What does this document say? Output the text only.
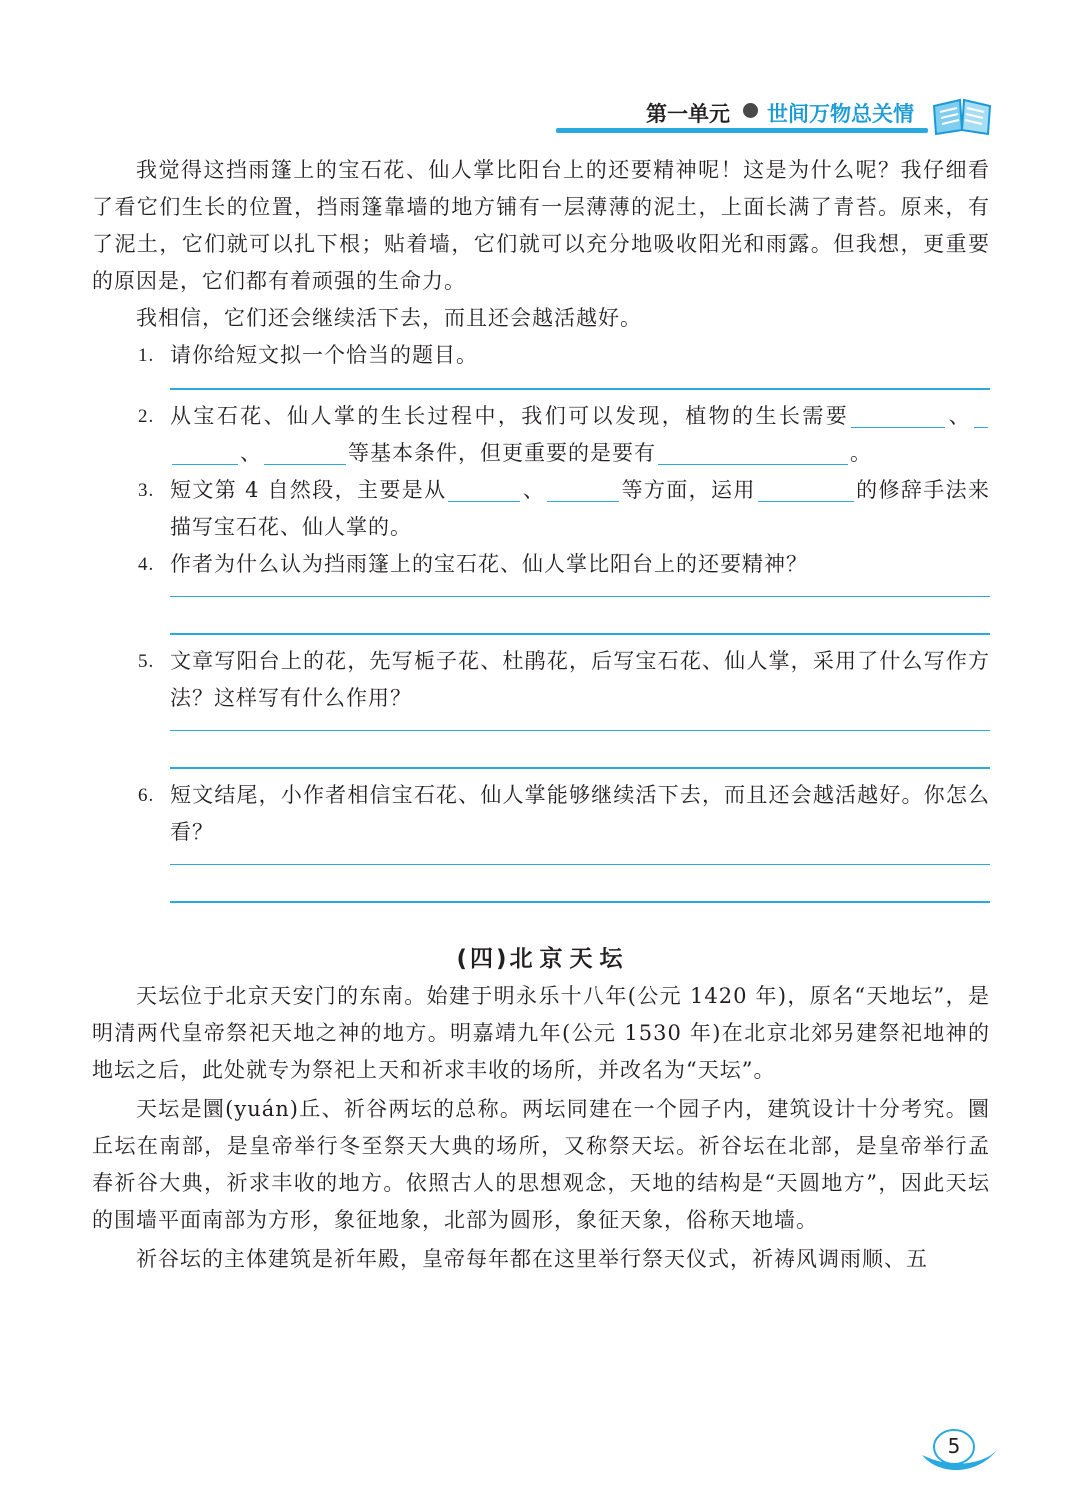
第一单元 世间万物总关情

我觉得这挡雨篷上的宝石花、仙人掌比阳台上的还要精神呢！这是为什么呢？我仔细看了看它们生长的位置，挡雨篷靠墙的地方铺有一层薄薄的泥土，上面长满了青苔。原来，有了泥土，它们就可以扎下根；贴着墙，它们就可以充分地吸收阳光和雨露。但我想，更重要的原因是，它们都有着顽强的生命力。

我相信，它们还会继续活下去，而且还会越活越好。

1. 请你给短文拟一个恰当的题目。

2. 从宝石花、仙人掌的生长过程中，我们可以发现，植物的生长需要	、、	等基本条件，但更重要的是要有	。

3. 短文第 4 自然段，主要是从	、	等方面，运用	的修辞手法来描写宝石花、仙人掌的。

4. 作者为什么认为挡雨篷上的宝石花、仙人掌比阳台上的还要精神？

5. 文章写阳台上的花，先写栀子花、杜鹃花，后写宝石花、仙人掌，采用了什么写作方法？这样写有什么作用？

6. 短文结尾，小作者相信宝石花、仙人掌能够继续活下去，而且还会越活越好。你怎么看？

(四)北京天坛

天坛位于北京天安门的东南。始建于明永乐十八年(公元 1420 年)，原名“天地坛”，是明清两代皇帝祭祀天地之神的地方。明嘉靖九年(公元 1530 年)在北京北郊另建祭祀地神的地坛之后，此处就专为祭祀上天和祈求丰收的场所，并改名为“天坛”。

天坛是圜(yuán)丘、祈谷两坛的总称。两坛同建在一个园子内，建筑设计十分考究。圜丘坛在南部，是皇帝举行冬至祭天大典的场所，又称祭天坛。祈谷坛在北部，是皇帝举行孟春祈谷大典，祈求丰收的地方。依照古人的思想观念，天地的结构是“天圆地方”，因此天坛的围墙平面南部为方形，象征地象，北部为圆形，象征天象，俗称天地墙。

祈谷坛的主体建筑是祈年殿，皇帝每年都在这里举行祭天仪式，祈祷风调雨顺、五

5
